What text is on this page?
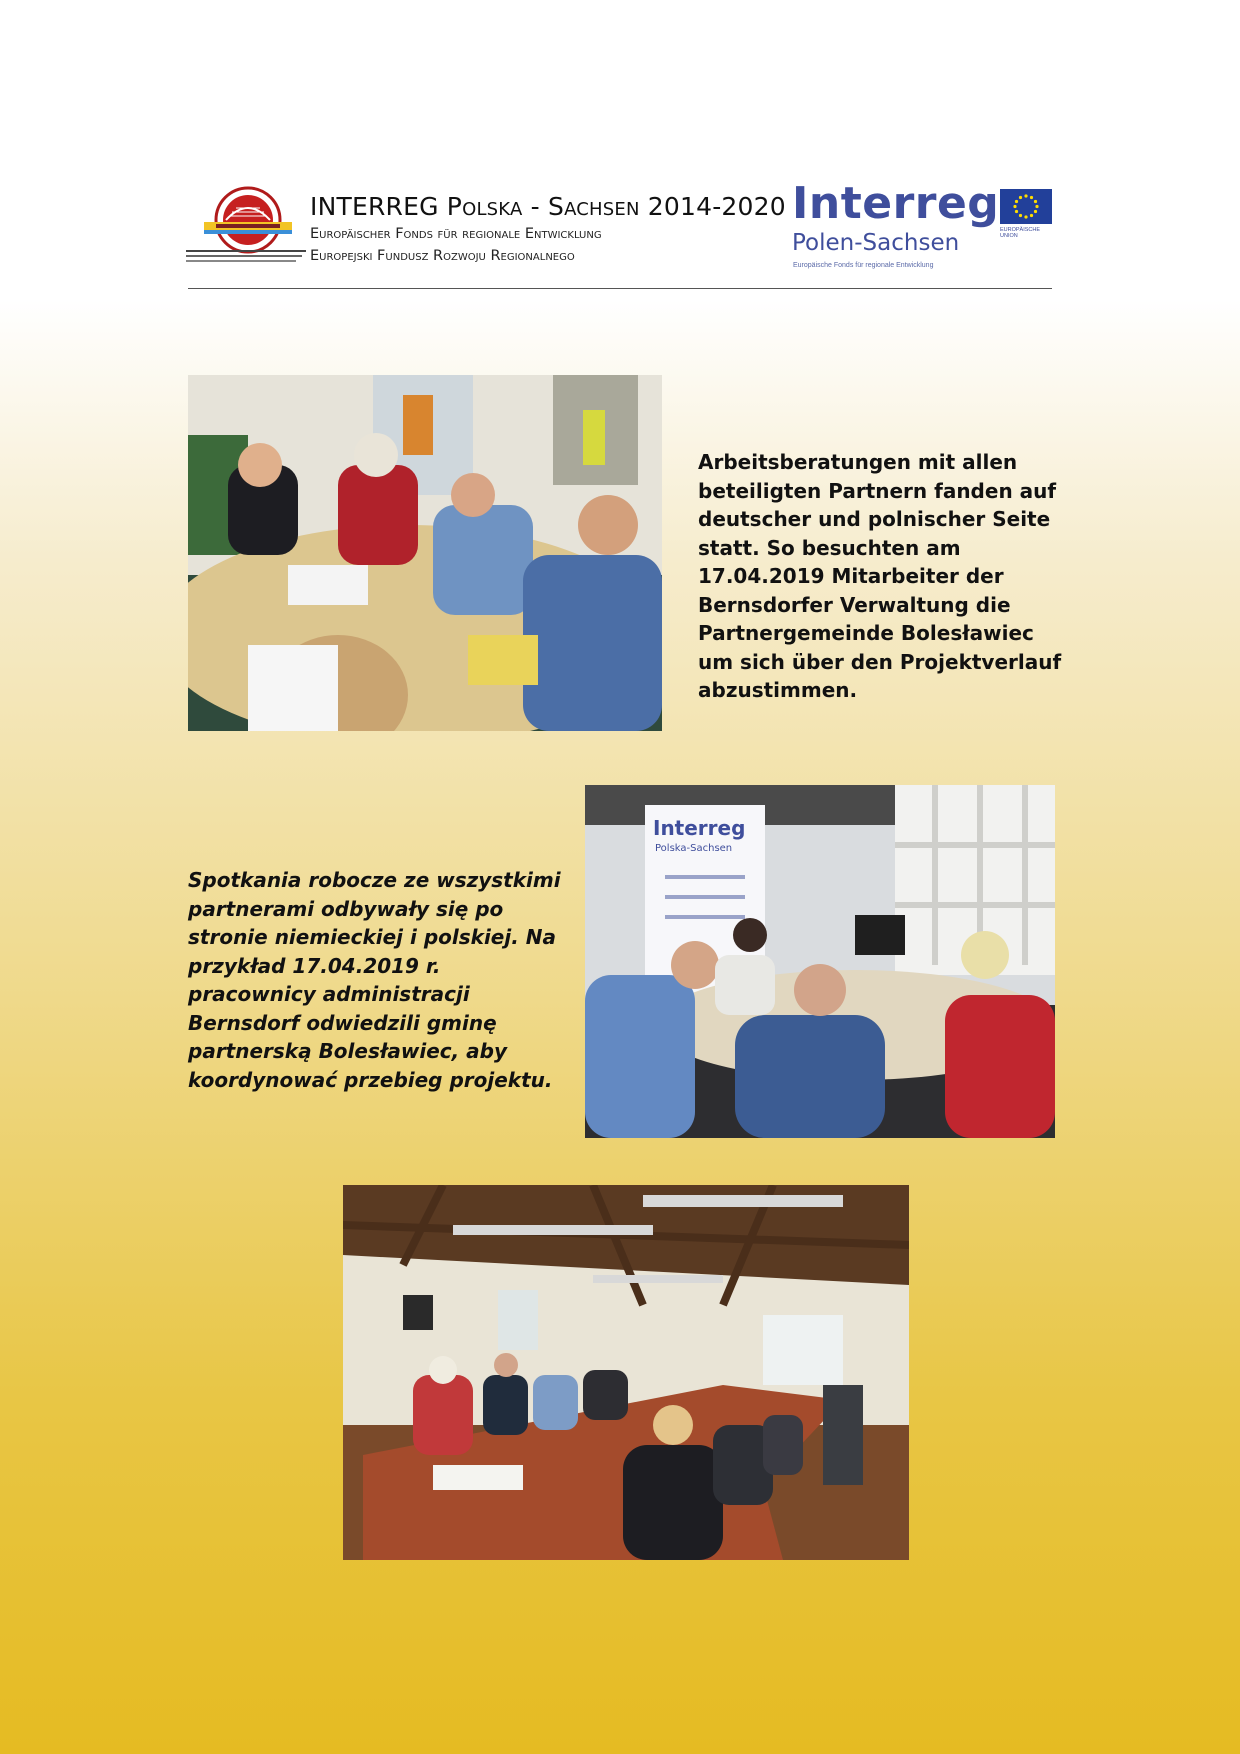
INTERREG Polska - Sachsen 2014-2020
Europäischer Fonds für regionale Entwicklung
Europejski Fundusz Rozwoju Regionalnego
Interreg
Polen-Sachsen
Europäische Fonds für regionale Entwicklung
EUROPÄISCHE UNION
Arbeitsberatungen mit allen beteiligten Partnern fanden auf deutscher und polnischer Seite statt. So besuchten am 17.04.2019 Mitarbeiter der Bernsdorfer Verwaltung die Partnergemeinde Bolesławiec um sich über den Projektverlauf abzustimmen.
Interreg
Polska-Sachsen
Spotkania robocze ze wszystkimi partnerami odbywały się po stronie niemieckiej i polskiej. Na przykład 17.04.2019 r. pracownicy administracji Bernsdorf odwiedzili gminę partnerską Bolesławiec, aby koordynować przebieg projektu.
